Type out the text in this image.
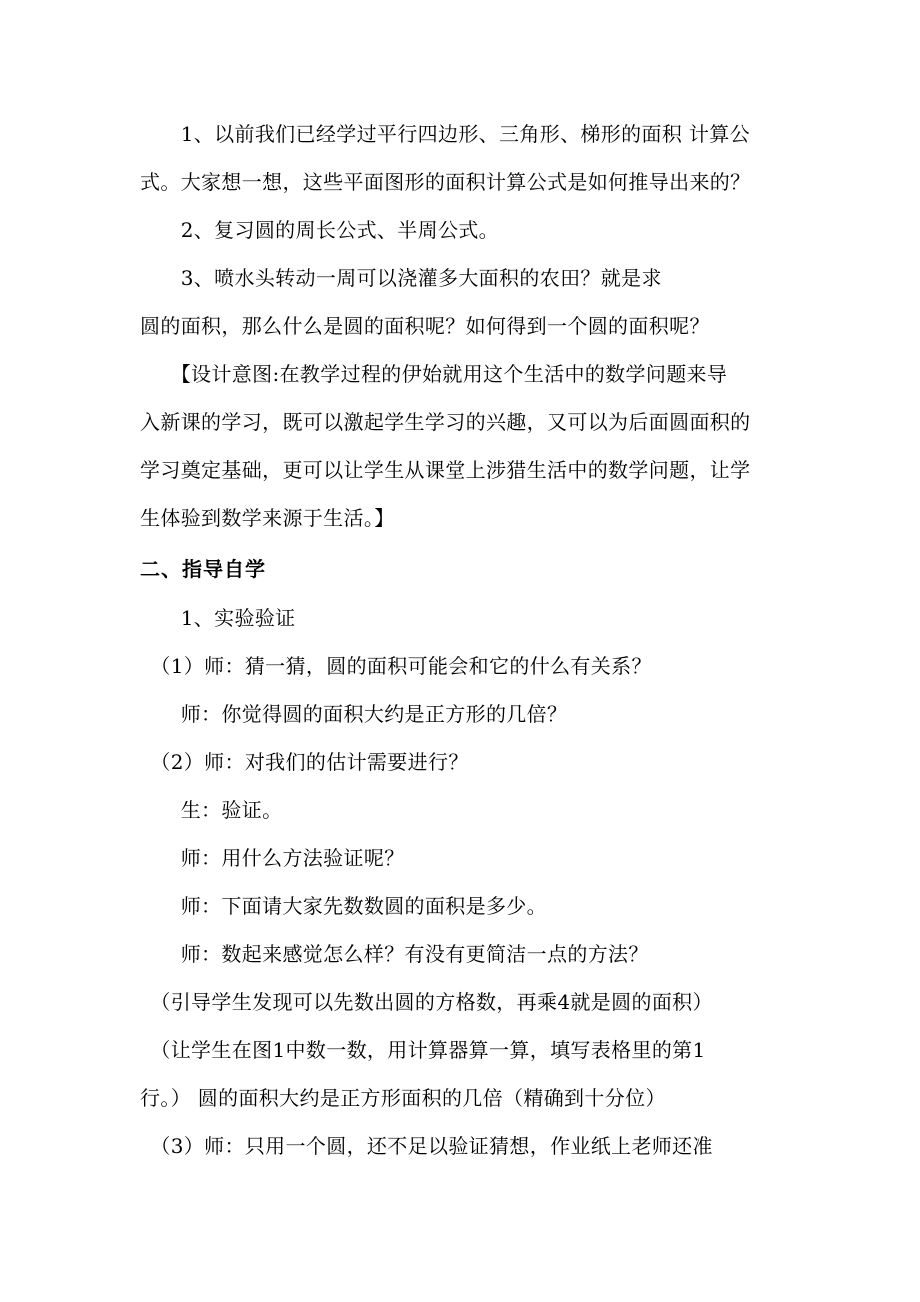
　　1、以前我们已经学过平行四边形、三角形、梯形的面积 计算公
式。大家想一想，这些平面图形的面积计算公式是如何推导出来的？
　　2、复习圆的周长公式、半周公式。
　　3、喷水头转动一周可以浇灌多大面积的农田？就是求
圆的面积，那么什么是圆的面积呢？如何得到一个圆的面积呢？
　　【设计意图:在教学过程的伊始就用这个生活中的数学问题来导
入新课的学习，既可以激起学生学习的兴趣，又可以为后面圆面积的
学习奠定基础，更可以让学生从课堂上涉猎生活中的数学问题，让学
生体验到数学来源于生活。】
二、指导自学
　　1、实验验证
　（1）师：猜一猜，圆的面积可能会和它的什么有关系？
　　师：你觉得圆的面积大约是正方形的几倍？
　（2）师：对我们的估计需要进行？
　　生：验证。
　　师：用什么方法验证呢？
　　师：下面请大家先数数圆的面积是多少。
　　师：数起来感觉怎么样？有没有更简洁一点的方法？
　（引导学生发现可以先数出圆的方格数，再乘4就是圆的面积）
　（让学生在图1中数一数，用计算器算一算，填写表格里的第1
行。） 圆的面积大约是正方形面积的几倍（精确到十分位）
　（3）师：只用一个圆，还不足以验证猜想，作业纸上老师还准
